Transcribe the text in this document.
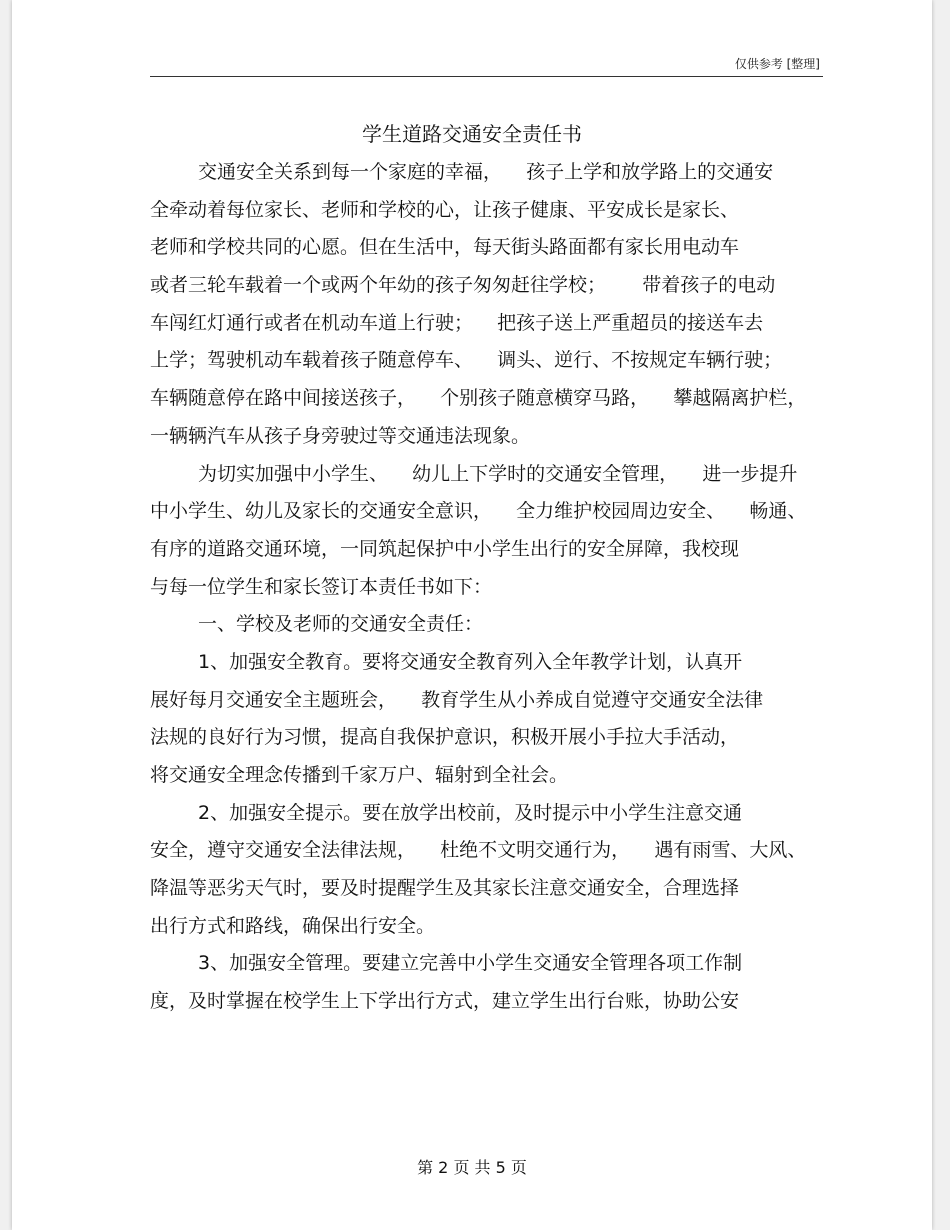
仅供参考 [整理]
学生道路交通安全责任书
交通安全关系到每一个家庭的幸福，    孩子上学和放学路上的交通安
全牵动着每位家长、老师和学校的心，让孩子健康、平安成长是家长、
老师和学校共同的心愿。但在生活中，每天街头路面都有家长用电动车
或者三轮车载着一个或两个年幼的孩子匆匆赶往学校；      带着孩子的电动
车闯红灯通行或者在机动车道上行驶；    把孩子送上严重超员的接送车去
上学；驾驶机动车载着孩子随意停车、    调头、逆行、不按规定车辆行驶；
车辆随意停在路中间接送孩子，    个别孩子随意横穿马路，    攀越隔离护栏，
一辆辆汽车从孩子身旁驶过等交通违法现象。
为切实加强中小学生、    幼儿上下学时的交通安全管理，    进一步提升
中小学生、幼儿及家长的交通安全意识，    全力维护校园周边安全、    畅通、
有序的道路交通环境，一同筑起保护中小学生出行的安全屏障，我校现
与每一位学生和家长签订本责任书如下：
一、学校及老师的交通安全责任：
1、加强安全教育。要将交通安全教育列入全年教学计划，认真开
展好每月交通安全主题班会，    教育学生从小养成自觉遵守交通安全法律
法规的良好行为习惯，提高自我保护意识，积极开展小手拉大手活动，
将交通安全理念传播到千家万户、辐射到全社会。
2、加强安全提示。要在放学出校前，及时提示中小学生注意交通
安全，遵守交通安全法律法规，    杜绝不文明交通行为，    遇有雨雪、大风、
降温等恶劣天气时，要及时提醒学生及其家长注意交通安全，合理选择
出行方式和路线，确保出行安全。
3、加强安全管理。要建立完善中小学生交通安全管理各项工作制
度，及时掌握在校学生上下学出行方式，建立学生出行台账，协助公安
第 2 页 共 5 页
